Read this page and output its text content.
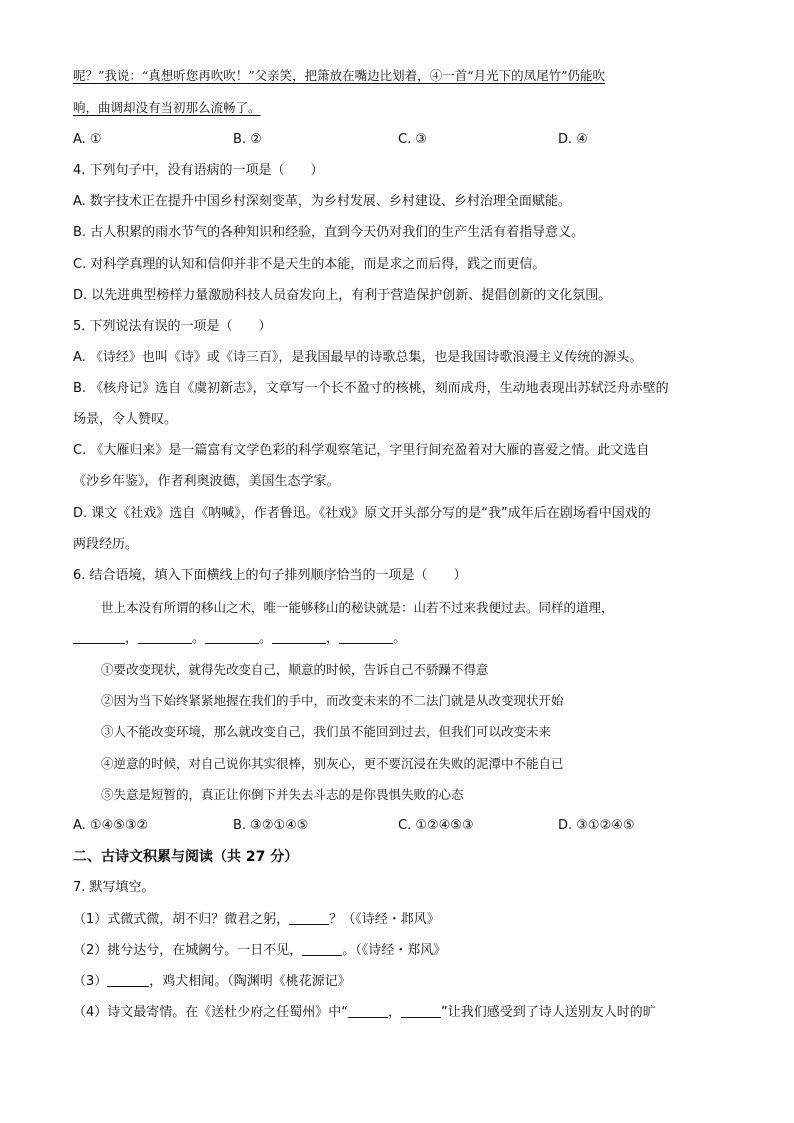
呢？”我说：“真想听您再吹吹！”父亲笑，把箫放在嘴边比划着，④一首“月光下的凤尾竹”仍能吹
响，曲调却没有当初那么流畅了。
A. ①	B. ②	C. ③	D. ④
4. 下列句子中，没有语病的一项是（　　）
A. 数字技术正在提升中国乡村深刻变革，为乡村发展、乡村建设、乡村治理全面赋能。
B. 古人积累的雨水节气的各种知识和经验，直到今天仍对我们的生产生活有着指导意义。
C. 对科学真理的认知和信仰并非不是天生的本能，而是求之而后得，践之而更信。
D. 以先进典型榜样力量激励科技人员奋发向上，有利于营造保护创新、提倡创新的文化氛围。
5. 下列说法有误的一项是（　　）
A. 《诗经》也叫《诗》或《诗三百》，是我国最早的诗歌总集，也是我国诗歌浪漫主义传统的源头。
B. 《核舟记》选自《虞初新志》，文章写一个长不盈寸的核桃，刻而成舟，生动地表现出苏轼泛舟赤壁的
场景，令人赞叹。
C. 《大雁归来》是一篇富有文学色彩的科学观察笔记，字里行间充盈着对大雁的喜爱之情。此文选自
《沙乡年鉴》，作者利奥波德，美国生态学家。
D. 课文《社戏》选自《呐喊》，作者鲁迅。《社戏》原文开头部分写的是“我”成年后在剧场看中国戏的
两段经历。
6. 结合语境，填入下面横线上的句子排列顺序恰当的一项是（　　）
世上本没有所谓的移山之术，唯一能够移山的秘诀就是：山若不过来我便过去。同样的道理，
，	。	。	，	。
①要改变现状，就得先改变自己，顺意的时候，告诉自己不骄躁不得意
②因为当下始终紧紧地握在我们的手中，而改变未来的不二法门就是从改变现状开始
③人不能改变环境，那么就改变自己，我们虽不能回到过去，但我们可以改变未来
④逆意的时候，对自己说你其实很棒，别灰心，更不要沉浸在失败的泥潭中不能自已
⑤失意是短暂的，真正让你倒下并失去斗志的是你畏惧失败的心态
A. ①④⑤③②	B. ③②①④⑤	C. ①②④⑤③	D. ③①②④⑤
二、古诗文积累与阅读（共 27 分）
7. 默写填空。
（1）式微式微，胡不归？微君之躬，	？（《诗经・邶风》
（2）挑兮达兮，在城阙兮。一日不见，	。（《诗经・郑风》
（3）	，鸡犬相闻。（陶渊明《桃花源记》
（4）诗文最寄情。在《送杜少府之任蜀州》中“	，	”让我们感受到了诗人送别友人时的旷
